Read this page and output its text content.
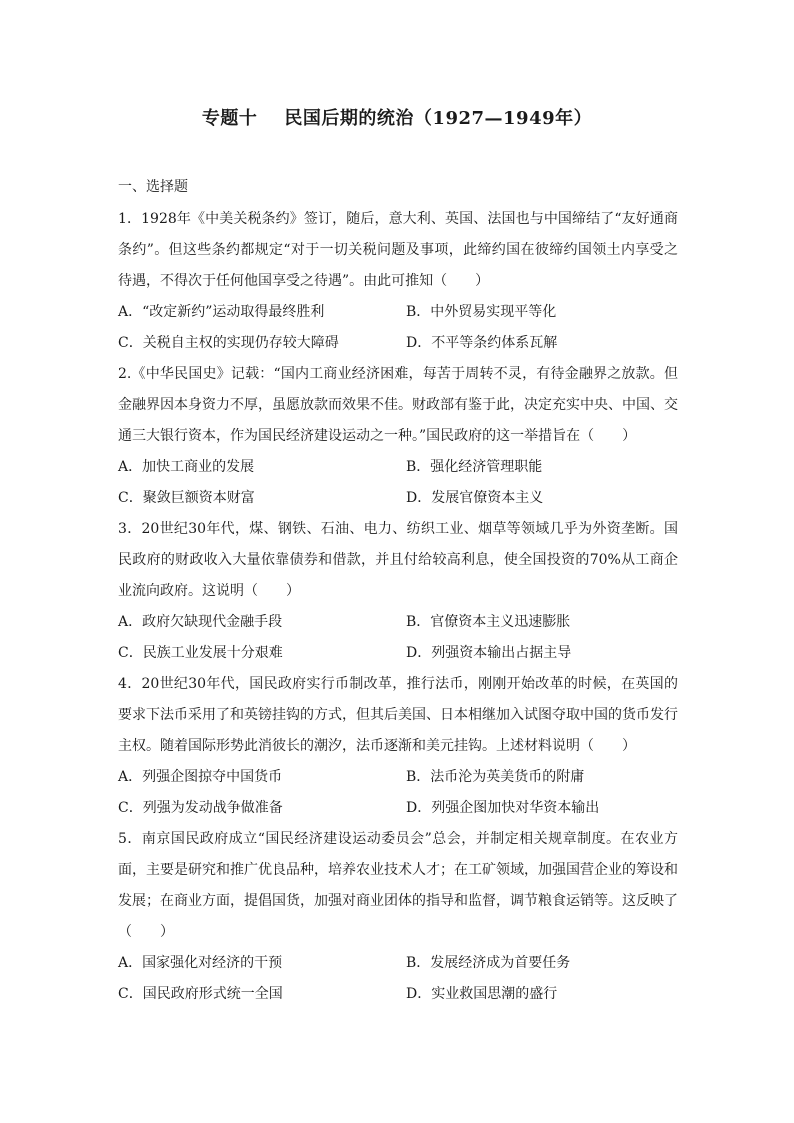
专题十    民国后期的统治（1927—1949年）
一、选择题
1．1928年《中美关税条约》签订，随后，意大利、英国、法国也与中国缔结了“友好通商条约”。但这些条约都规定“对于一切关税问题及事项，此缔约国在彼缔约国领土内享受之待遇，不得次于任何他国享受之待遇”。由此可推知（　　）
A．“改定新约”运动取得最终胜利	B．中外贸易实现平等化
C．关税自主权的实现仍存较大障碍	D．不平等条约体系瓦解
2.《中华民国史》记载：“国内工商业经济困难，每苦于周转不灵，有待金融界之放款。但金融界因本身资力不厚，虽愿放款而效果不佳。财政部有鉴于此，决定充实中央、中国、交通三大银行资本，作为国民经济建设运动之一种。”国民政府的这一举措旨在（　　）
A．加快工商业的发展	B．强化经济管理职能
C．聚敛巨额资本财富	D．发展官僚资本主义
3．20世纪30年代，煤、钢铁、石油、电力、纺织工业、烟草等领域几乎为外资垄断。国民政府的财政收入大量依靠债券和借款，并且付给较高利息，使全国投资的70%从工商企业流向政府。这说明（　　）
A．政府欠缺现代金融手段	B．官僚资本主义迅速膨胀
C．民族工业发展十分艰难	D．列强资本输出占据主导
4．20世纪30年代，国民政府实行币制改革，推行法币，刚刚开始改革的时候，在英国的要求下法币采用了和英镑挂钩的方式，但其后美国、日本相继加入试图夺取中国的货币发行主权。随着国际形势此消彼长的潮汐，法币逐渐和美元挂钩。上述材料说明（　　）
A．列强企图掠夺中国货币	B．法币沦为英美货币的附庸
C．列强为发动战争做准备	D．列强企图加快对华资本输出
5．南京国民政府成立“国民经济建设运动委员会”总会，并制定相关规章制度。在农业方面，主要是研究和推广优良品种，培养农业技术人才；在工矿领域，加强国营企业的筹设和发展；在商业方面，提倡国货，加强对商业团体的指导和监督，调节粮食运销等。这反映了（　　）
A．国家强化对经济的干预	B．发展经济成为首要任务
C．国民政府形式统一全国	D．实业救国思潮的盛行
